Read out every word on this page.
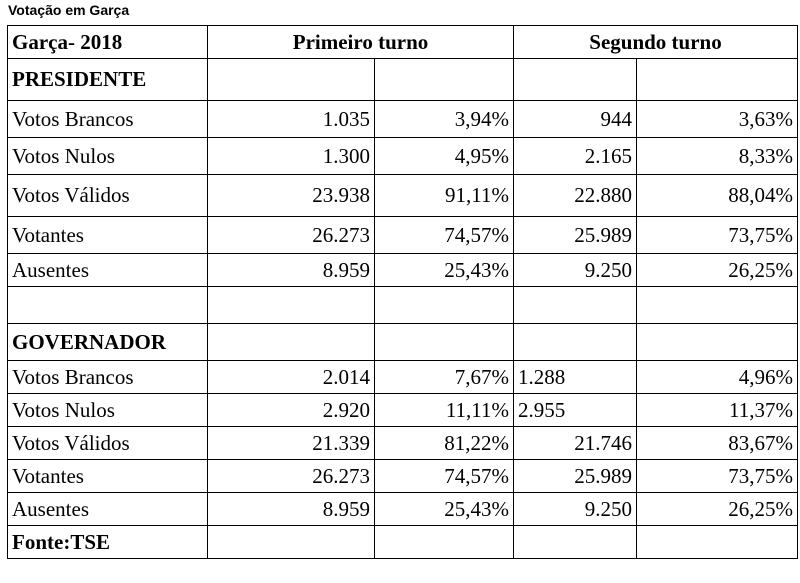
Votação em Garça
Garça- 2018	Primeiro turno		Segundo turno	
PRESIDENTE				
Votos Brancos	1.035	3,94%	944	3,63%
Votos Nulos	1.300	4,95%	2.165	8,33%
Votos Válidos	23.938	91,11%	22.880	88,04%
Votantes	26.273	74,57%	25.989	73,75%
Ausentes	8.959	25,43%	9.250	26,25%

GOVERNADOR				
Votos Brancos	2.014	7,67%	1.288	4,96%
Votos Nulos	2.920	11,11%	2.955	11,37%
Votos Válidos	21.339	81,22%	21.746	83,67%
Votantes	26.273	74,57%	25.989	73,75%
Ausentes	8.959	25,43%	9.250	26,25%
Fonte:TSE				
